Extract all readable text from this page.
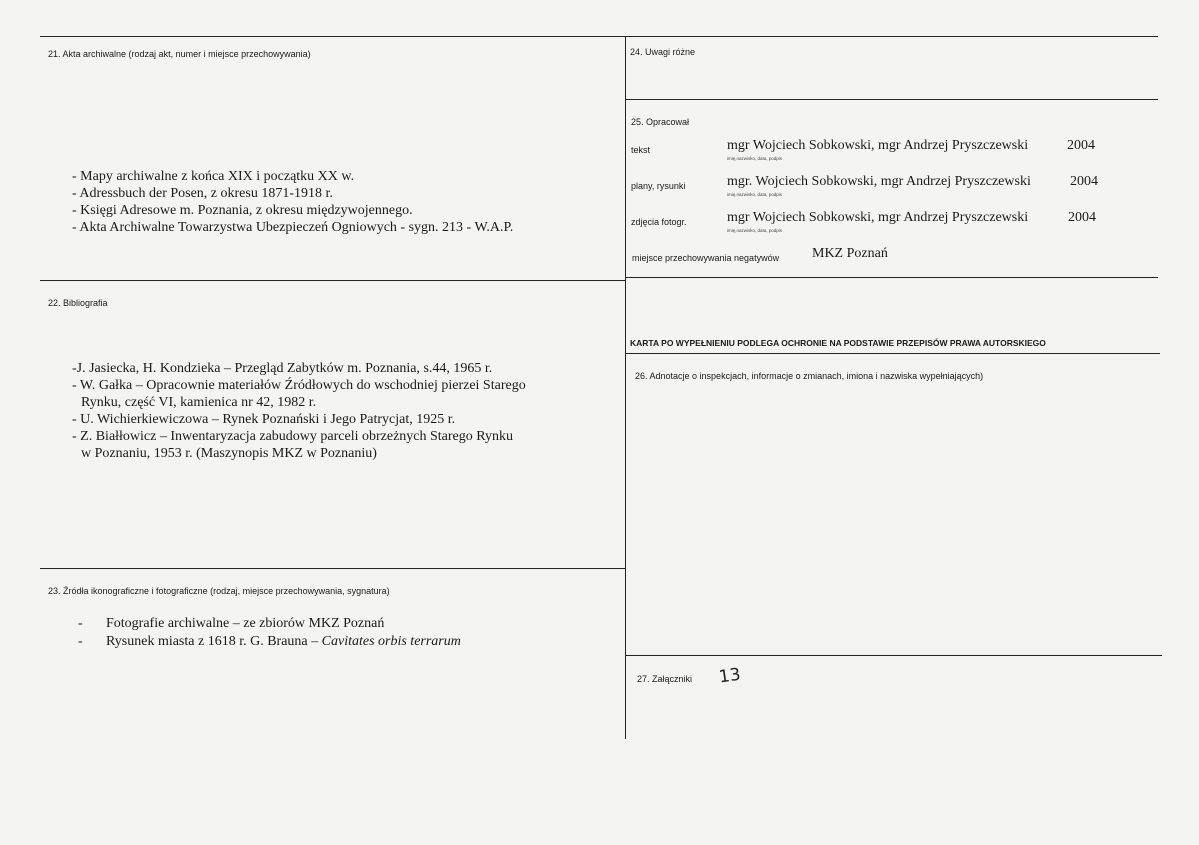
21. Akta archiwalne (rodzaj akt, numer i miejsce przechowywania)
- Mapy archiwalne z końca XIX i początku XX w.
- Adressbuch der Posen, z okresu 1871-1918 r.
- Księgi Adresowe m. Poznania, z okresu międzywojennego.
- Akta Archiwalne Towarzystwa Ubezpieczeń Ogniowych - sygn. 213 - W.A.P.
22. Bibliografia
-J. Jasiecka, H. Kondzieka – Przegląd Zabytków m. Poznania, s.44, 1965 r.
- W. Gałka – Opracownie materiałów Źródłowych do wschodniej pierzei Starego
Rynku, część VI, kamienica nr 42, 1982 r.
- U. Wichierkiewiczowa – Rynek Poznański i Jego Patrycjat, 1925 r.
- Z. Białłowicz – Inwentaryzacja zabudowy parceli obrzeżnych Starego Rynku
w Poznaniu, 1953 r. (Maszynopis MKZ w Poznaniu)
23. Źródła ikonograficzne i fotograficzne (rodzaj, miejsce przechowywania, sygnatura)
- Fotografie archiwalne – ze zbiorów MKZ Poznań
- Rysunek miasta z 1618 r. G. Brauna – Cavitates orbis terrarum
24. Uwagi różne
25. Opracował
tekst	mgr Wojciech Sobkowski, mgr Andrzej Pryszczewski	2004
imię,nazwisko, data, podpis
plany, rysunki	mgr. Wojciech Sobkowski, mgr Andrzej Pryszczewski	2004
imię,nazwisko, data, podpis
zdjęcia fotogr.	mgr Wojciech Sobkowski, mgr Andrzej Pryszczewski	2004
imię,nazwisko, data, podpis
miejsce przechowywania negatywów MKZ Poznań
KARTA PO WYPEŁNIENIU PODLEGA OCHRONIE NA PODSTAWIE PRZEPISÓW PRAWA AUTORSKIEGO
26. Adnotacje o inspekcjach, informacje o zmianach, imiona i nazwiska wypełniających)
27. Załączniki 13
